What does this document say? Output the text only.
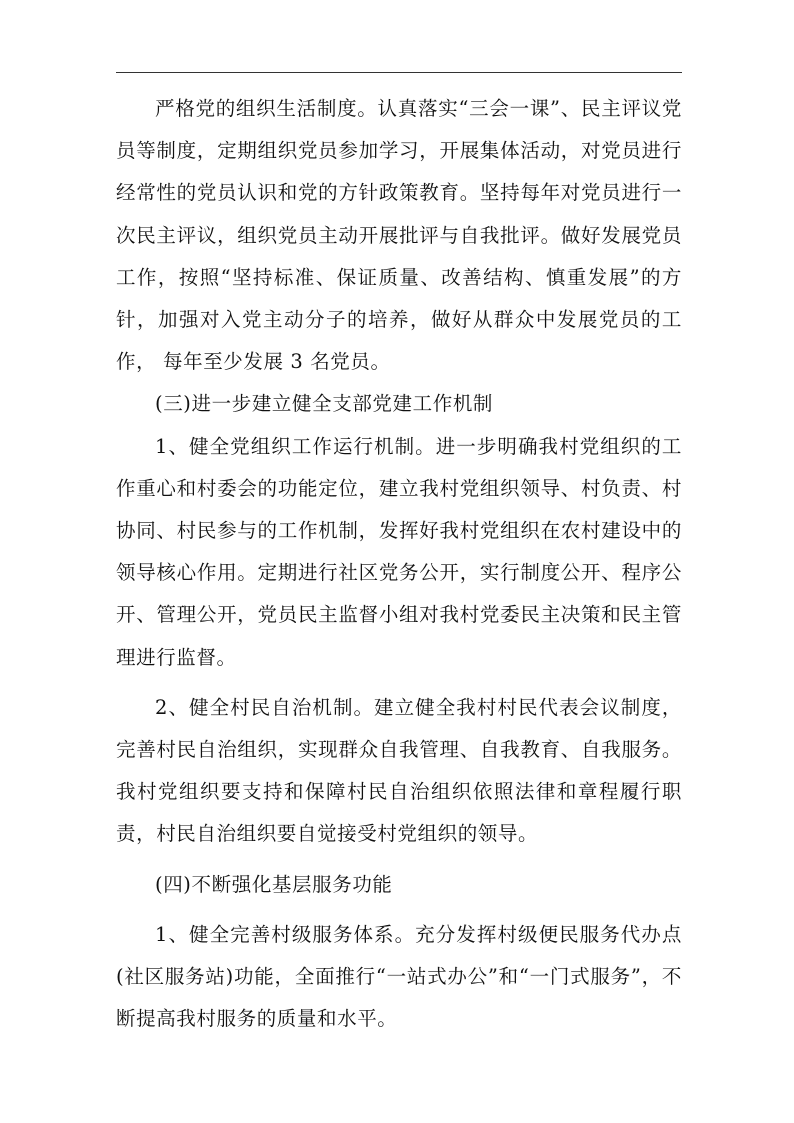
严格党的组织生活制度。认真落实“三会一课”、民主评议党员等制度，定期组织党员参加学习，开展集体活动，对党员进行经常性的党员认识和党的方针政策教育。坚持每年对党员进行一次民主评议，组织党员主动开展批评与自我批评。做好发展党员工作，按照“坚持标准、保证质量、改善结构、慎重发展”的方针，加强对入党主动分子的培养，做好从群众中发展党员的工作， 每年至少发展 3 名党员。

(三)进一步建立健全支部党建工作机制

1、健全党组织工作运行机制。进一步明确我村党组织的工作重心和村委会的功能定位，建立我村党组织领导、村负责、村协同、村民参与的工作机制，发挥好我村党组织在农村建设中的领导核心作用。定期进行社区党务公开，实行制度公开、程序公开、管理公开，党员民主监督小组对我村党委民主决策和民主管理进行监督。

2、健全村民自治机制。建立健全我村村民代表会议制度，完善村民自治组织，实现群众自我管理、自我教育、自我服务。我村党组织要支持和保障村民自治组织依照法律和章程履行职责，村民自治组织要自觉接受村党组织的领导。

(四)不断强化基层服务功能

1、健全完善村级服务体系。充分发挥村级便民服务代办点(社区服务站)功能，全面推行“一站式办公”和“一门式服务”，不断提高我村服务的质量和水平。
